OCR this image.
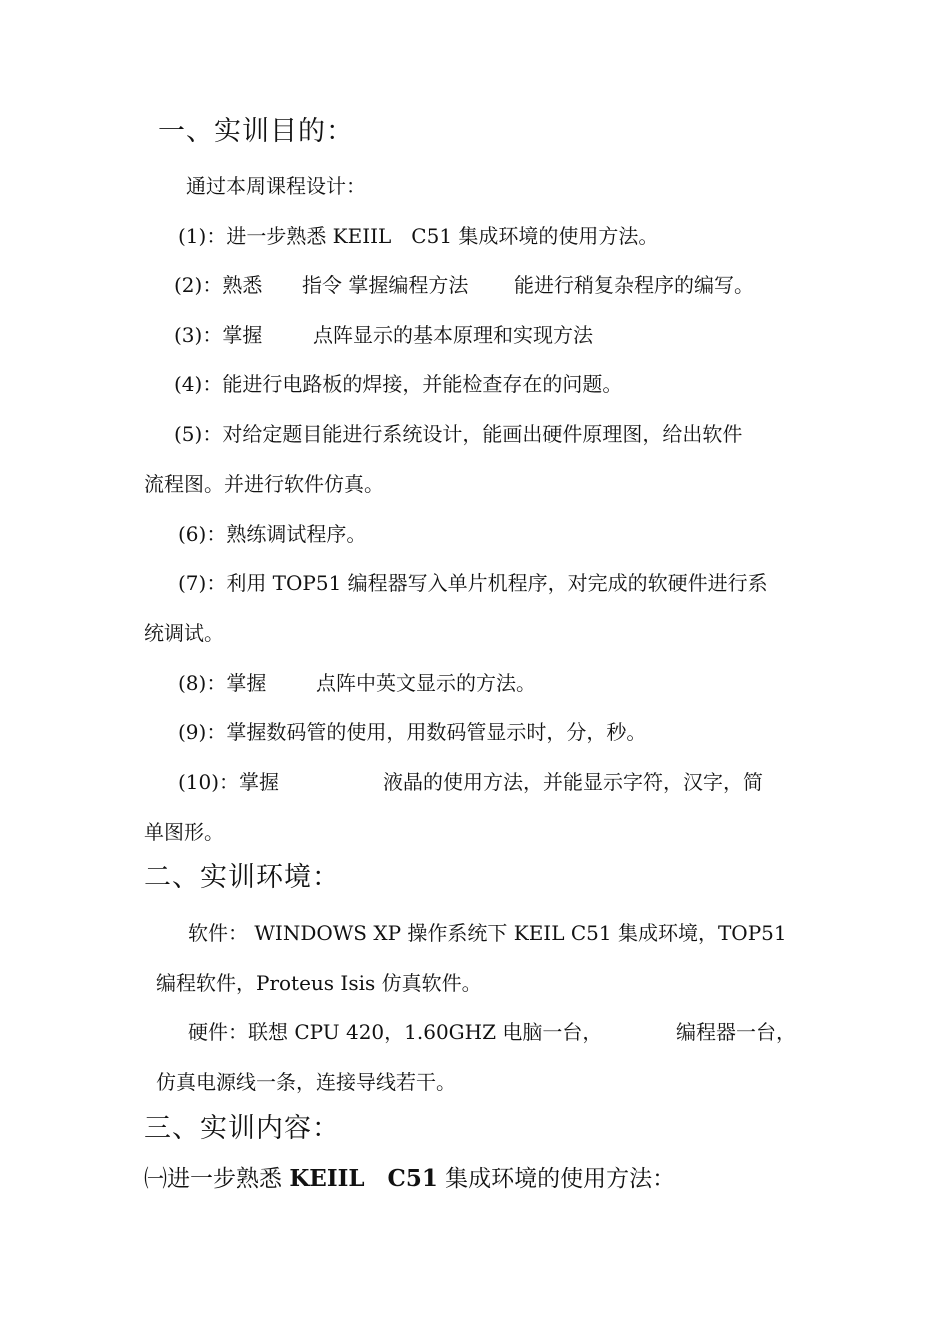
一、实训目的：
通过本周课程设计：
(1)：进一步熟悉 KEIIL　C51 集成环境的使用方法。
(2)：熟悉 指令 掌握编程方法 能进行稍复杂程序的编写。
(3)：掌握	点阵显示的基本原理和实现方法
(4)：能进行电路板的焊接，并能检查存在的问题。
(5)：对给定题目能进行系统设计，能画出硬件原理图，给出软件
流程图。并进行软件仿真。
(6)：熟练调试程序。
(7)：利用 TOP51 编程器写入单片机程序，对完成的软硬件进行系
统调试。
(8)：掌握 点阵中英文显示的方法。
(9)：掌握数码管的使用，用数码管显示时，分，秒。
(10)：掌握	液晶的使用方法，并能显示字符，汉字，简
单图形。
二、实训环境：
软件： WINDOWS XP 操作系统下 KEIL C51 集成环境，TOP51
编程软件，Proteus Isis 仿真软件。
硬件：联想 CPU 420，1.60GHZ 电脑一台，	编程器一台，
仿真电源线一条，连接导线若干。
三、实训内容：
㈠进一步熟悉 KEIIL　 C51 集成环境的使用方法：
